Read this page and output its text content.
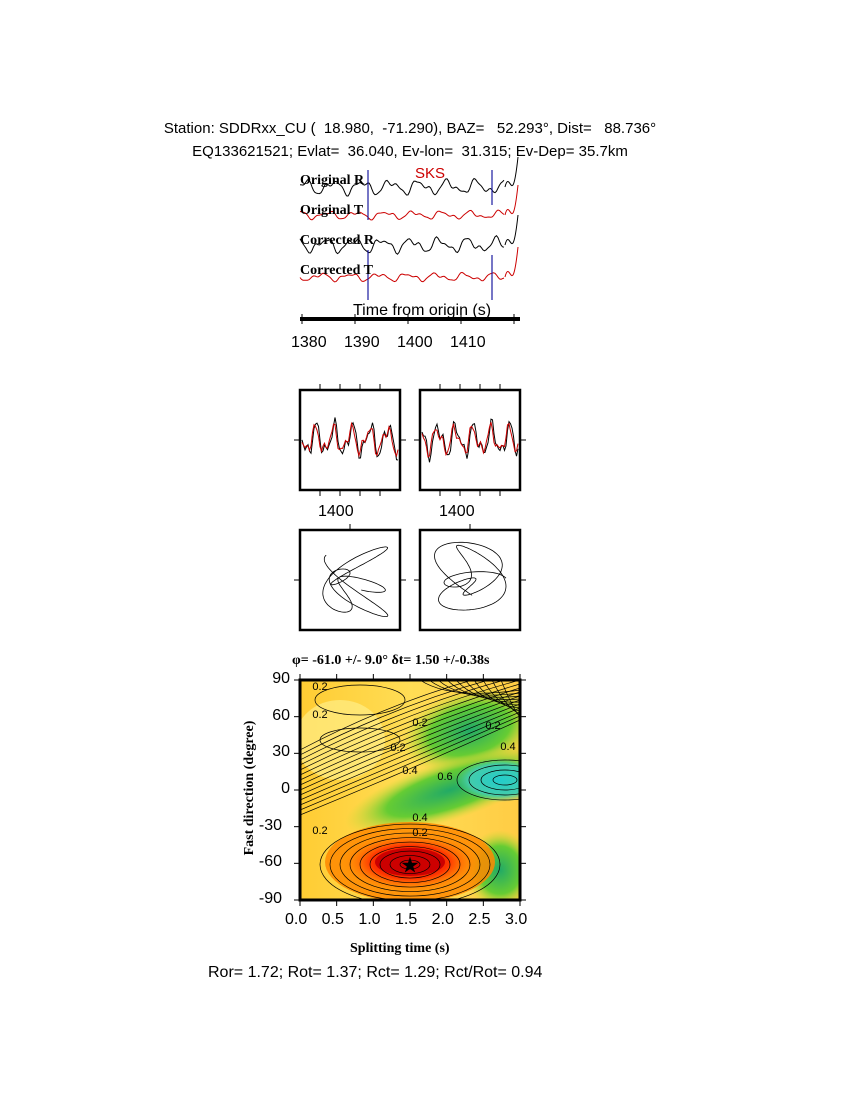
Station: SDDRxx_CU (  18.980,  -71.290), BAZ=   52.293°, Dist=   88.736°
EQ133621521; Evlat=  36.040, Ev-lon=  31.315; Ev-Dep= 35.7km
Original R
Original T
Corrected R
Corrected T
SKS
Time from origin (s)
1380 1390 1400 1410
1400	1400
φ= -61.0 +/- 9.0° δt= 1.50 +/-0.38s
0.2
0.2
0.2	0.2
0.2
0.4 0.6
0.4
0.2
0.4
0.2
★
0.0 0.5 1.0 1.5 2.0 2.5 3.0
90
60
30
0
-30
-60
-90
Splitting time (s)
Fast direction (degree)
Ror= 1.72; Rot= 1.37; Rct= 1.29; Rct/Rot= 0.94
